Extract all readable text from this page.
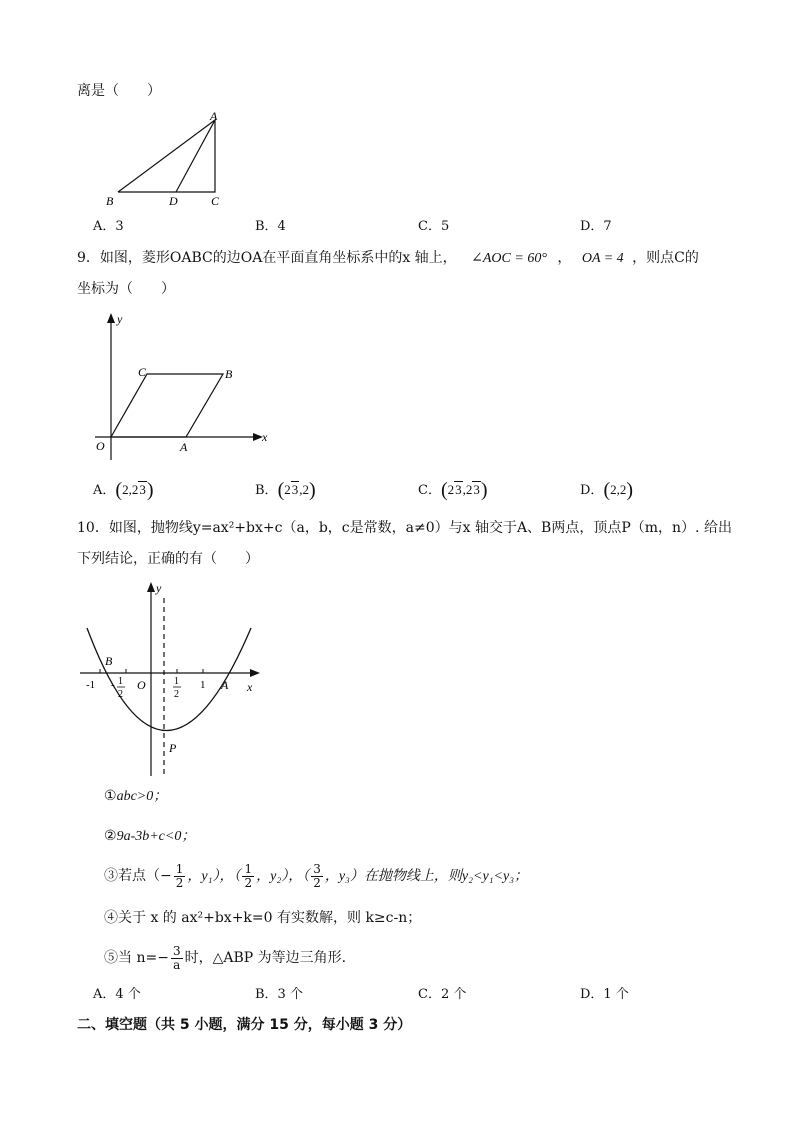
离是（　　）
A
B	D	C
A．3	B．4	C．5	D．7
9．如图，菱形OABC的边OA在平面直角坐标系中的x 轴上， ∠AOC = 60° ， OA = 4 ，则点C的
坐标为（　　）
y
x
O	A
B
C
A．(2,23)	B．(23,2)	C．(23,23)	D．(2,2)
10．如图，抛物线y=ax²+bx+c（a，b，c是常数，a≠0）与x 轴交于A、B两点，顶点P（m，n）. 给出
下列结论，正确的有（　　）
y
x
B
A
P
O
-1 - 1
2
1
2
1
①abc>0；
②9a-3b+c<0；
③若点（− $\frac{1}{2}$ ，y₁），（ $\frac{1}{2}$ ，y₂），（ $\frac{3}{2}$ ，y₃）在抛物线上，则y₂<y₁<y₃；
④关于 x 的 ax²+bx+k=0 有实数解，则 k≥c-n；
⑤当 $n=- \frac{3}{a}$ 时，△ABP 为等边三角形.
A．4 个	B．3 个	C．2 个	D．1 个
二、填空题（共 5 小题，满分 15 分，每小题 3 分）
